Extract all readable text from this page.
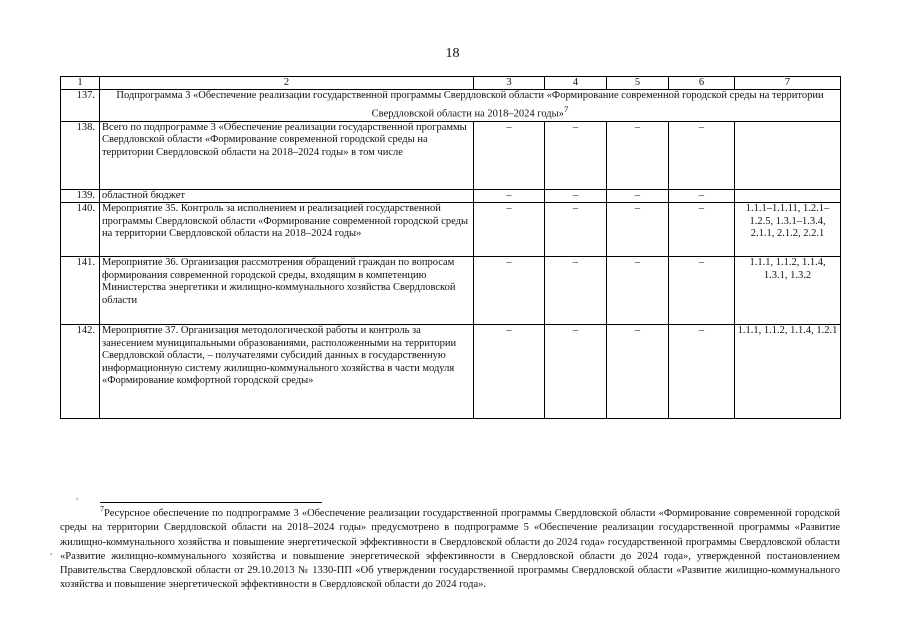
18
1	2	3	4	5	6	7
137.	Подпрограмма 3 «Обеспечение реализации государственной программы Свердловской области «Формирование современной городской среды на территории Свердловской области на 2018–2024 годы»$^7$
138.	Всего по подпрограмме 3 «Обеспечение реализации государственной программы Свердловской области «Формирование современной городской среды на территории Свердловской области на 2018–2024 годы» в том числе	–	–	–	–	
139.	областной бюджет	–	–	–	–	
140.	Мероприятие 35. Контроль за исполнением и реализацией государственной программы Свердловской области «Формирование современной городской среды на территории Свердловской области на 2018–2024 годы»	–	–	–	–	1.1.1–1.1.11, 1.2.1–1.2.5, 1.3.1–1.3.4, 2.1.1, 2.1.2, 2.2.1
141.	Мероприятие 36. Организация рассмотрения обращений граждан по вопросам формирования современной городской среды, входящим в компетенцию Министерства энергетики и жилищно-коммунального хозяйства Свердловской области	–	–	–	–	1.1.1, 1.1.2, 1.1.4, 1.3.1, 1.3.2
142.	Мероприятие 37. Организация методологической работы и контроль за занесением муниципальными образованиями, расположенными на территории Свердловской области, – получателями субсидий данных в государственную информационную систему жилищно-коммунального хозяйства в части модуля «Формирование комфортной городской среды»	–	–	–	–	1.1.1, 1.1.2, 1.1.4, 1.2.1
,
,
$^7$Ресурсное обеспечение по подпрограмме 3 «Обеспечение реализации государственной программы Свердловской области «Формирование современной городской среды на территории Свердловской области на 2018–2024 годы» предусмотрено в подпрограмме 5 «Обеспечение реализации государственной программы «Развитие жилищно-коммунального хозяйства и повышение энергетической эффективности в Свердловской области до 2024 года» государственной программы Свердловской области «Развитие жилищно-коммунального хозяйства и повышение энергетической эффективности в Свердловской области до 2024 года», утвержденной постановлением Правительства Свердловской области от 29.10.2013 № 1330-ПП «Об утверждении государственной программы Свердловской области «Развитие жилищно-коммунального хозяйства и повышение энергетической эффективности в Свердловской области до 2024 года».
